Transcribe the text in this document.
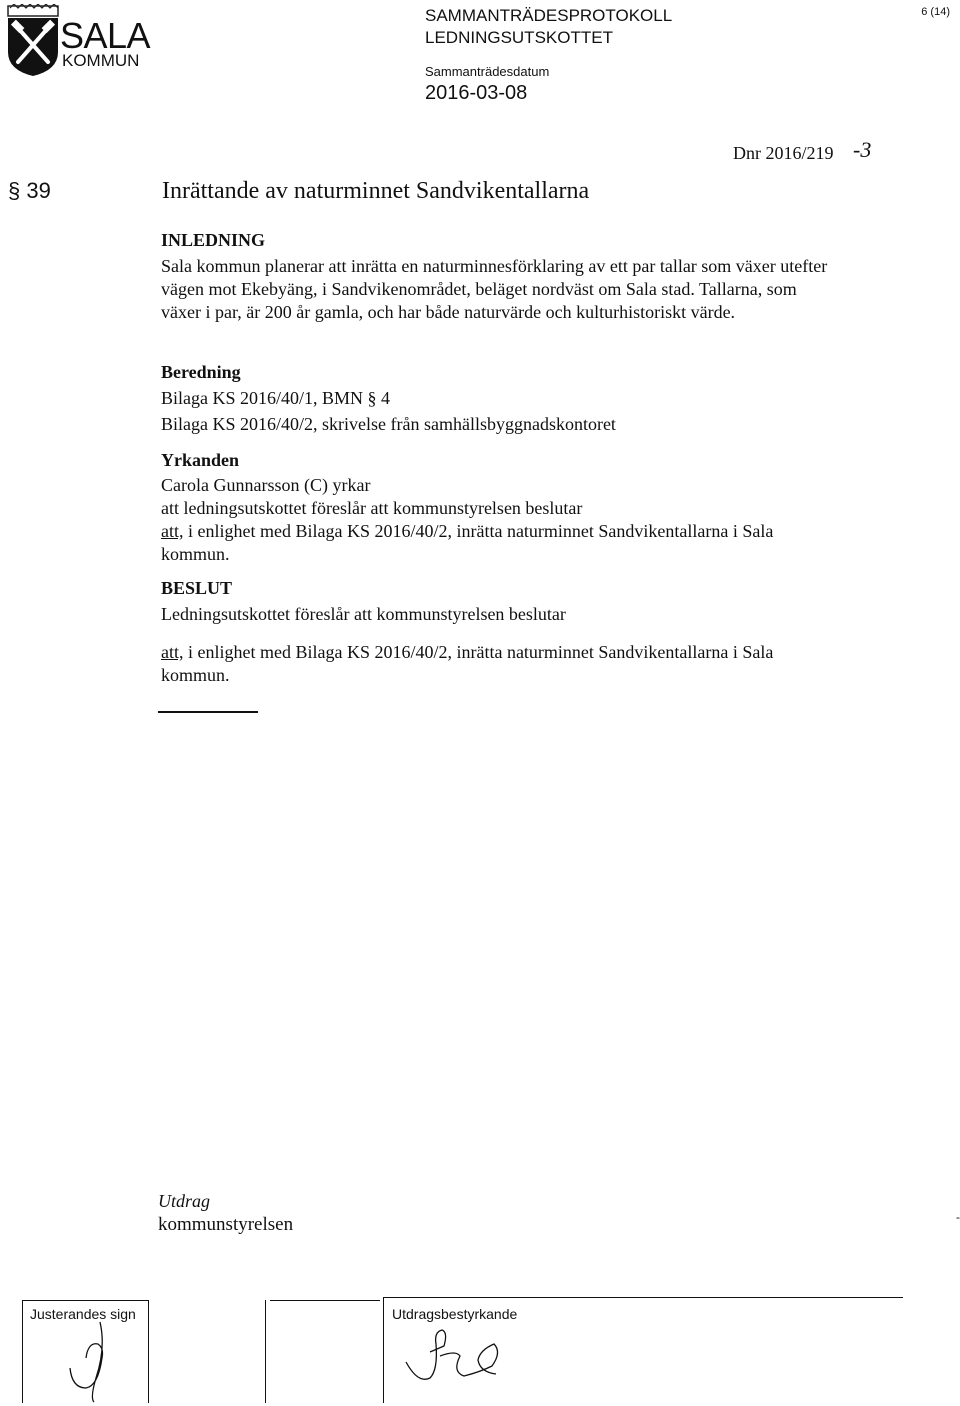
SALA
KOMMUN
SAMMANTRÄDESPROTOKOLL
LEDNINGSUTSKOTTET
Sammanträdesdatum
2016-03-08
6 (14)
Dnr 2016/219 -3
§ 39	Inrättande av naturminnet Sandvikentallarna
INLEDNING
Sala kommun planerar att inrätta en naturminnesförklaring av ett par tallar som växer utefter vägen mot Ekebyäng, i Sandvikenområdet, beläget nordväst om Sala stad. Tallarna, som växer i par, är 200 år gamla, och har både naturvärde och kulturhistoriskt värde.
Beredning
Bilaga KS 2016/40/1, BMN § 4
Bilaga KS 2016/40/2, skrivelse från samhällsbyggnadskontoret
Yrkanden
Carola Gunnarsson (C) yrkar
att ledningsutskottet föreslår att kommunstyrelsen beslutar
att, i enlighet med Bilaga KS 2016/40/2, inrätta naturminnet Sandvikentallarna i Sala kommun.
BESLUT
Ledningsutskottet föreslår att kommunstyrelsen beslutar
att, i enlighet med Bilaga KS 2016/40/2, inrätta naturminnet Sandvikentallarna i Sala kommun.
Utdrag
kommunstyrelsen	-
Justerandes sign	Utdragsbestyrkande
